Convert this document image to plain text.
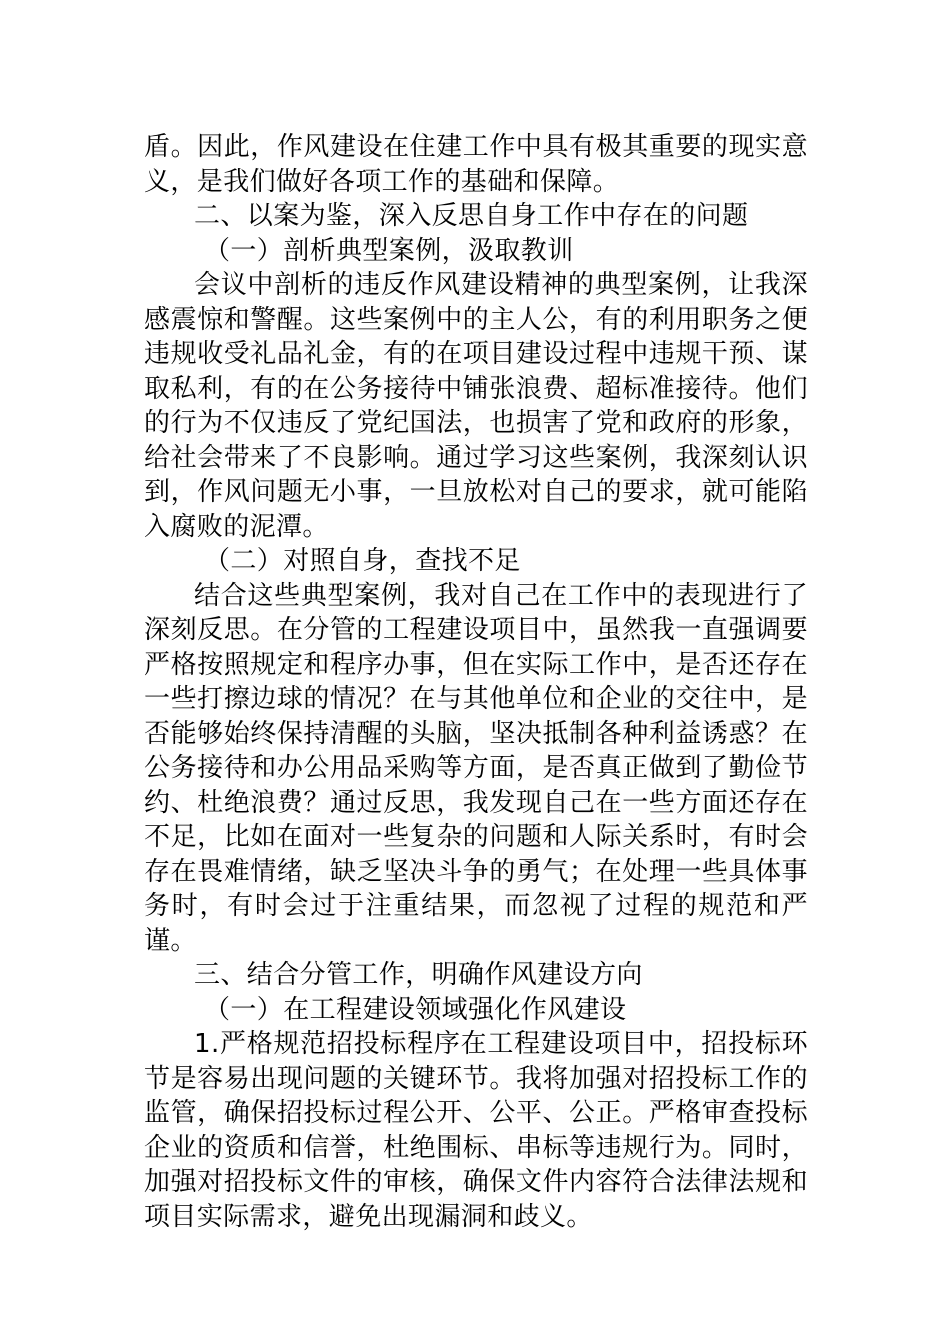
盾。因此，作风建设在住建工作中具有极其重要的现实意义，是我们做好各项工作的基础和保障。

二、以案为鉴，深入反思自身工作中存在的问题

（一）剖析典型案例，汲取教训

会议中剖析的违反作风建设精神的典型案例，让我深感震惊和警醒。这些案例中的主人公，有的利用职务之便违规收受礼品礼金，有的在项目建设过程中违规干预、谋取私利，有的在公务接待中铺张浪费、超标准接待。他们的行为不仅违反了党纪国法，也损害了党和政府的形象，给社会带来了不良影响。通过学习这些案例，我深刻认识到，作风问题无小事，一旦放松对自己的要求，就可能陷入腐败的泥潭。

（二）对照自身，查找不足

结合这些典型案例，我对自己在工作中的表现进行了深刻反思。在分管的工程建设项目中，虽然我一直强调要严格按照规定和程序办事，但在实际工作中，是否还存在一些打擦边球的情况？在与其他单位和企业的交往中，是否能够始终保持清醒的头脑，坚决抵制各种利益诱惑？在公务接待和办公用品采购等方面，是否真正做到了勤俭节约、杜绝浪费？通过反思，我发现自己在一些方面还存在不足，比如在面对一些复杂的问题和人际关系时，有时会存在畏难情绪，缺乏坚决斗争的勇气；在处理一些具体事务时，有时会过于注重结果，而忽视了过程的规范和严谨。

三、结合分管工作，明确作风建设方向

（一）在工程建设领域强化作风建设

1.严格规范招投标程序在工程建设项目中，招投标环节是容易出现问题的关键环节。我将加强对招投标工作的监管，确保招投标过程公开、公平、公正。严格审查投标企业的资质和信誉，杜绝围标、串标等违规行为。同时，加强对招投标文件的审核，确保文件内容符合法律法规和项目实际需求，避免出现漏洞和歧义。
